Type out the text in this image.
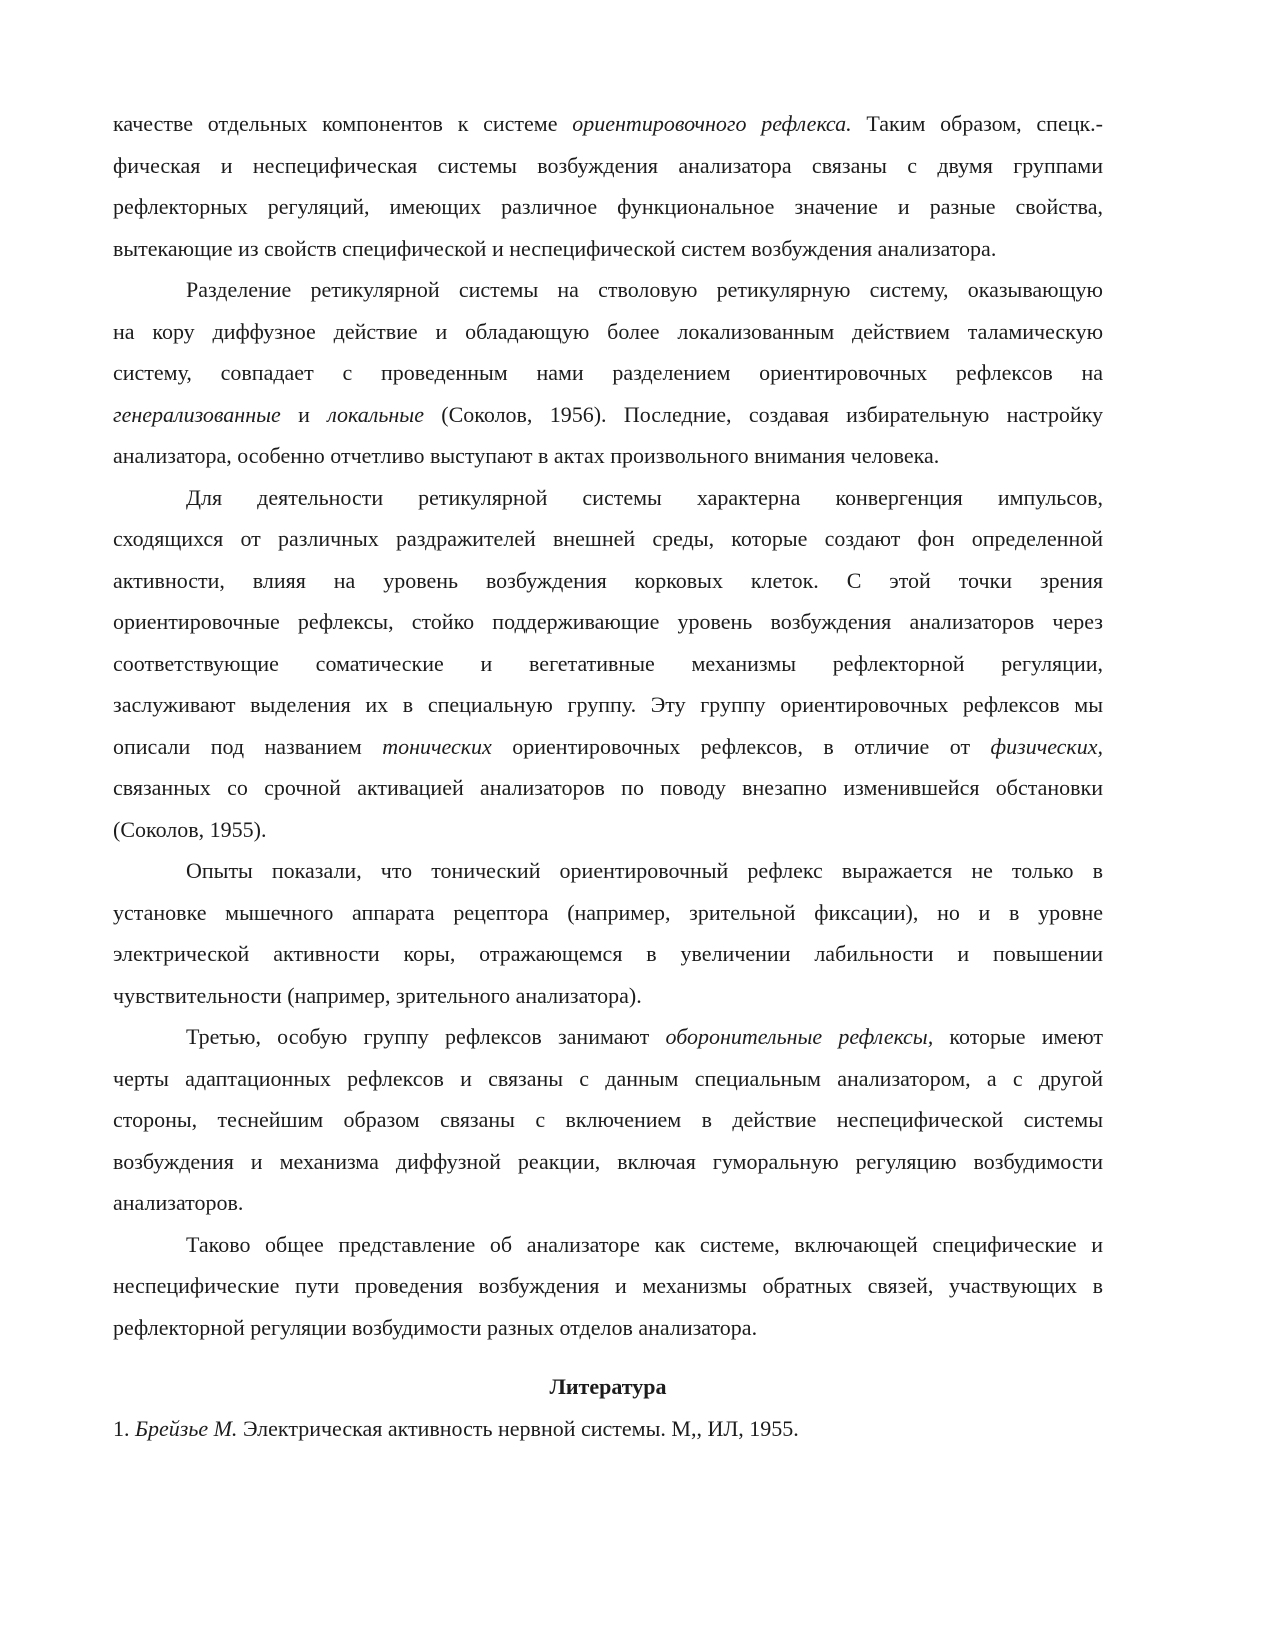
качестве отдельных компонентов к системе ориентировочного рефлекса. Таким образом, спецк.-
фическая и неспецифическая системы возбуждения анализатора связаны с двумя группами
рефлекторных регуляций, имеющих различное функциональное значение и разные свойства,
вытекающие из свойств специфической и неспецифической систем возбуждения анализатора.
Разделение ретикулярной системы на стволовую ретикулярную систему, оказывающую
на кору диффузное действие и обладающую более локализованным действием таламическую
систему, совпадает с проведенным нами разделением ориентировочных рефлексов на
генерализованные и локальные (Соколов, 1956). Последние, создавая избирательную настройку
анализатора, особенно отчетливо выступают в актах произвольного внимания человека.
Для деятельности ретикулярной системы характерна конвергенция импульсов,
сходящихся от различных раздражителей внешней среды, которые создают фон определенной
активности, влияя на уровень возбуждения корковых клеток. С этой точки зрения
ориентировочные рефлексы, стойко поддерживающие уровень возбуждения анализаторов через
соответствующие соматические и вегетативные механизмы рефлекторной регуляции,
заслуживают выделения их в специальную группу. Эту группу ориентировочных рефлексов мы
описали под названием тонических ориентировочных рефлексов, в отличие от физических,
связанных со срочной активацией анализаторов по поводу внезапно изменившейся обстановки
(Соколов, 1955).
Опыты показали, что тонический ориентировочный рефлекс выражается не только в
установке мышечного аппарата рецептора (например, зрительной фиксации), но и в уровне
электрической активности коры, отражающемся в увеличении лабильности и повышении
чувствительности (например, зрительного анализатора).
Третью, особую группу рефлексов занимают оборонительные рефлексы, которые имеют
черты адаптационных рефлексов и связаны с данным специальным анализатором, а с другой
стороны, теснейшим образом связаны с включением в действие неспецифической системы
возбуждения и механизма диффузной реакции, включая гуморальную регуляцию возбудимости
анализаторов.
Таково общее представление об анализаторе как системе, включающей специфические и
неспецифические пути проведения возбуждения и механизмы обратных связей, участвующих в
рефлекторной регуляции возбудимости разных отделов анализатора.
Литература
1. Брейзье М. Электрическая активность нервной системы. М,, ИЛ, 1955.
